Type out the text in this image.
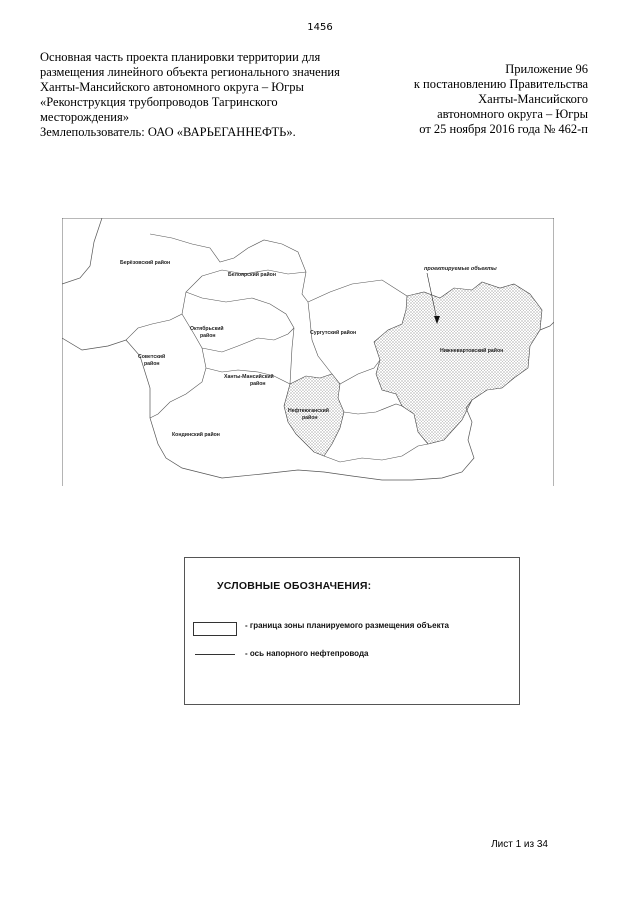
1456
Основная часть проекта планировки территории для
размещения линейного объекта регионального значения
Ханты-Мансийского автономного округа – Югры
«Реконструкция трубопроводов Тагринского
месторождения»
Землепользователь: ОАО «ВАРЬЕГАННЕФТЬ».
Приложение 96
к постановлению Правительства
Ханты-Мансийского
автономного округа – Югры
от 25 ноября 2016 года № 462-п
Берёзовский район
Белоярский район
Октябрьский район
Советский район
Ханты-Мансийский район
Сургутский район
Нефтеюганский район
Кондинский район
Нижневартовский район
проектируемые объекты
УСЛОВНЫЕ ОБОЗНАЧЕНИЯ:
- граница зоны планируемого размещения объекта
- ось напорного нефтепровода
Лист 1 из 34
